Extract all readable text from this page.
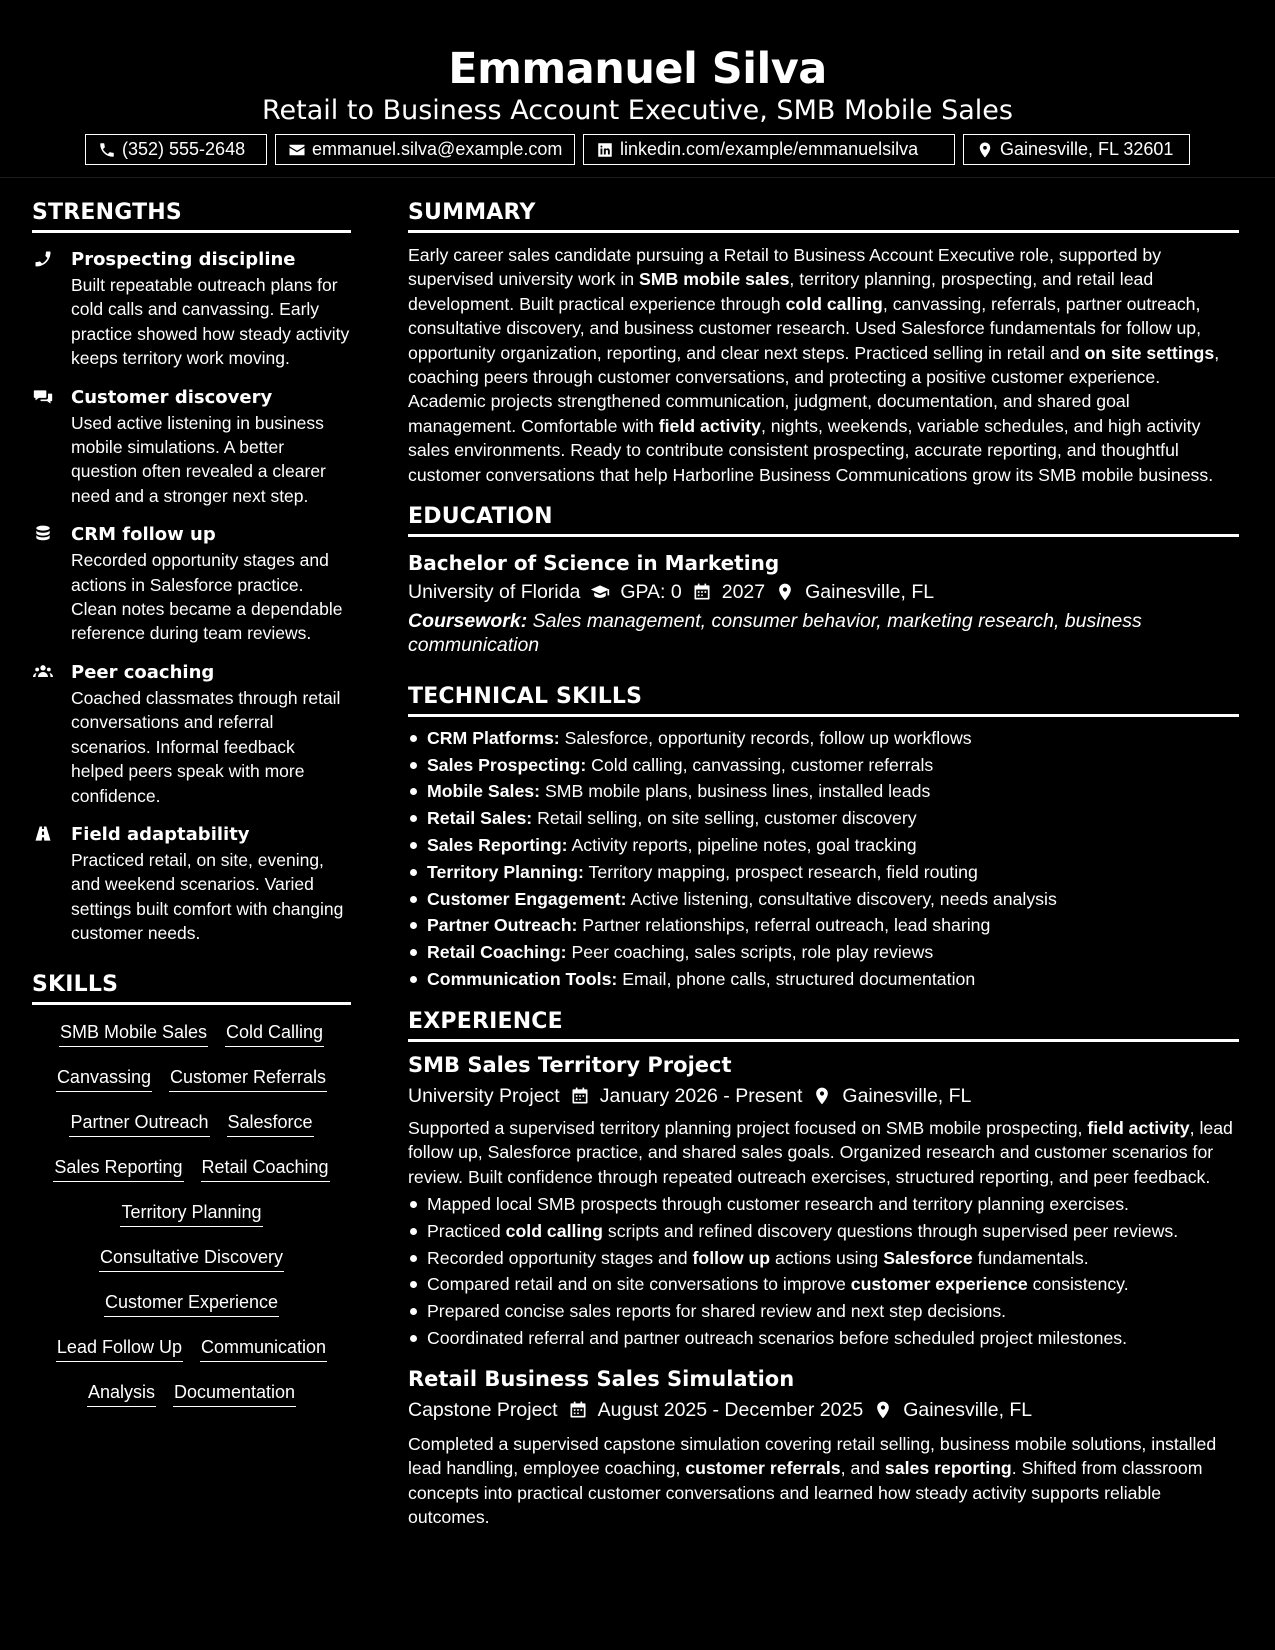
Emmanuel Silva
Retail to Business Account Executive, SMB Mobile Sales
(352) 555-2648	emmanuel.silva@example.com	linkedin.com/example/emmanuelsilva	Gainesville, FL 32601
STRENGTHS
Prospecting discipline
Built repeatable outreach plans for cold calls and canvassing. Early practice showed how steady activity keeps territory work moving.
Customer discovery
Used active listening in business mobile simulations. A better question often revealed a clearer need and a stronger next step.
CRM follow up
Recorded opportunity stages and actions in Salesforce practice. Clean notes became a dependable reference during team reviews.
Peer coaching
Coached classmates through retail conversations and referral scenarios. Informal feedback helped peers speak with more confidence.
Field adaptability
Practiced retail, on site, evening, and weekend scenarios. Varied settings built comfort with changing customer needs.
SKILLS
SMB Mobile Sales Cold Calling
Canvassing Customer Referrals
Partner Outreach Salesforce
Sales Reporting Retail Coaching
Territory Planning
Consultative Discovery
Customer Experience
Lead Follow Up Communication
Analysis Documentation
SUMMARY
Early career sales candidate pursuing a Retail to Business Account Executive role, supported by supervised university work in SMB mobile sales, territory planning, prospecting, and retail lead development. Built practical experience through cold calling, canvassing, referrals, partner outreach, consultative discovery, and business customer research. Used Salesforce fundamentals for follow up, opportunity organization, reporting, and clear next steps. Practiced selling in retail and on site settings, coaching peers through customer conversations, and protecting a positive customer experience. Academic projects strengthened communication, judgment, documentation, and shared goal management. Comfortable with field activity, nights, weekends, variable schedules, and high activity sales environments. Ready to contribute consistent prospecting, accurate reporting, and thoughtful customer conversations that help Harborline Business Communications grow its SMB mobile business.
EDUCATION
Bachelor of Science in Marketing
University of Florida GPA: 0 2027 Gainesville, FL
Coursework: Sales management, consumer behavior, marketing research, business communication
TECHNICAL SKILLS
CRM Platforms: Salesforce, opportunity records, follow up workflows
Sales Prospecting: Cold calling, canvassing, customer referrals
Mobile Sales: SMB mobile plans, business lines, installed leads
Retail Sales: Retail selling, on site selling, customer discovery
Sales Reporting: Activity reports, pipeline notes, goal tracking
Territory Planning: Territory mapping, prospect research, field routing
Customer Engagement: Active listening, consultative discovery, needs analysis
Partner Outreach: Partner relationships, referral outreach, lead sharing
Retail Coaching: Peer coaching, sales scripts, role play reviews
Communication Tools: Email, phone calls, structured documentation
EXPERIENCE
SMB Sales Territory Project
University Project January 2026 - Present Gainesville, FL
Supported a supervised territory planning project focused on SMB mobile prospecting, field activity, lead follow up, Salesforce practice, and shared sales goals. Organized research and customer scenarios for review. Built confidence through repeated outreach exercises, structured reporting, and peer feedback.
Mapped local SMB prospects through customer research and territory planning exercises.
Practiced cold calling scripts and refined discovery questions through supervised peer reviews.
Recorded opportunity stages and follow up actions using Salesforce fundamentals.
Compared retail and on site conversations to improve customer experience consistency.
Prepared concise sales reports for shared review and next step decisions.
Coordinated referral and partner outreach scenarios before scheduled project milestones.
Retail Business Sales Simulation
Capstone Project August 2025 - December 2025 Gainesville, FL
Completed a supervised capstone simulation covering retail selling, business mobile solutions, installed lead handling, employee coaching, customer referrals, and sales reporting. Shifted from classroom concepts into practical customer conversations and learned how steady activity supports reliable outcomes.
